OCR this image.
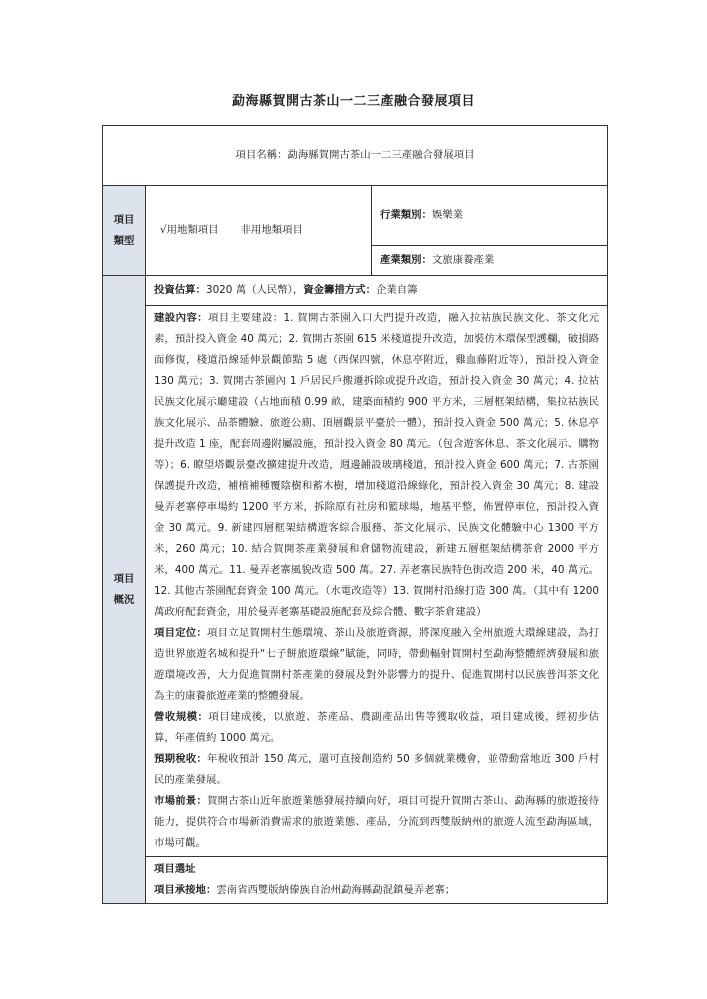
勐海縣賀開古茶山一二三產融合發展項目
項目名稱：勐海縣賀開古茶山一二三產融合發展項目		

項目
類型	√用地類項目 非用地類項目	行業類別：娛樂業
		產業類別：文旅康養產業

項目
概況	投資估算：3020 萬（人民幣），資金籌措方式：企業自籌	

	建設內容：項目主要建設：1. 賀開古茶園入口大門提升改造，融入拉祜族民族文化、茶文化元素，預計投入資金 40 萬元；2. 賀開古茶園 615 米棧道提升改造，加裝仿木環保型護欄，破損路面修復，棧道沿線延伸景觀節點 5 處（西保四號，休息亭附近，雞血藤附近等），預計投入資金 130 萬元；3. 賀開古茶園內 1 戶居民戶搬遷拆除或提升改造，預計投入資金 30 萬元；4. 拉祜民族文化展示廳建設（占地面積 0.99 畝，建築面積約 900 平方米，三層框架結構，集拉祜族民族文化展示、品茶體驗、旅遊公廁、頂層觀景平臺於一體），預計投入資金 500 萬元；5. 休息亭提升改造 1 座，配套周邊附屬設施，預計投入資金 80 萬元。（包含遊客休息、茶文化展示、購物等）；6. 瞭望塔觀景臺改擴建提升改造，週邊鋪設玻璃棧道，預計投入資金 600 萬元；7. 古茶園保護提升改造，補植補種覆陰樹和蓄木樹，增加棧道沿線綠化，預計投入資金 30 萬元；8. 建設曼弄老寨停車場約 1200 平方米，拆除原有社房和籃球場，地基平整，佈置停車位，預計投入資金 30 萬元。9. 新建四層框架結構遊客綜合服務、茶文化展示、民族文化體驗中心 1300 平方米，260 萬元；10. 結合賀開茶產業發展和倉儲物流建設，新建五層框架結構茶倉 2000 平方米，400 萬元。11. 曼弄老寨風貌改造 500 萬。27. 弄老寨民族特色街改造 200 米，40 萬元。12. 其他古茶園配套資金 100 萬元。（水電改造等）13. 賀開村沿線打造 300 萬。（其中有 1200 萬政府配套資金，用於曼弄老寨基礎設施配套及綜合體、數字茶倉建設）

項目定位：項目立足賀開村生態環境、茶山及旅遊資源，將深度融入全州旅遊大環線建設，為打造世界旅遊名城和提升“七子餅旅遊環線”賦能，同時，帶動輻射賀開村至勐海整體經濟發展和旅遊環境改善，大力促進賀開村茶產業的發展及對外影響力的提升、促進賀開村以民族普洱茶文化為主的康養旅遊產業的整體發展。

營收規模：項目建成後，以旅遊、茶產品、農副產品出售等獲取收益，項目建成後，經初步估算，年產值約 1000 萬元。

預期稅收：年稅收預計 150 萬元，還可直接創造約 50 多個就業機會，並帶動當地近 300 戶村民的產業發展。

市場前景：賀開古茶山近年旅遊業態發展持續向好，項目可提升賀開古茶山、勐海縣的旅遊接待能力，提供符合市場新消費需求的旅遊業態、產品，分流到西雙版納州的旅遊人流至勐海區域，市場可觀。	

	項目選址
項目承接地：雲南省西雙版納傣族自治州勐海縣勐混鎮曼弄老寨；	
